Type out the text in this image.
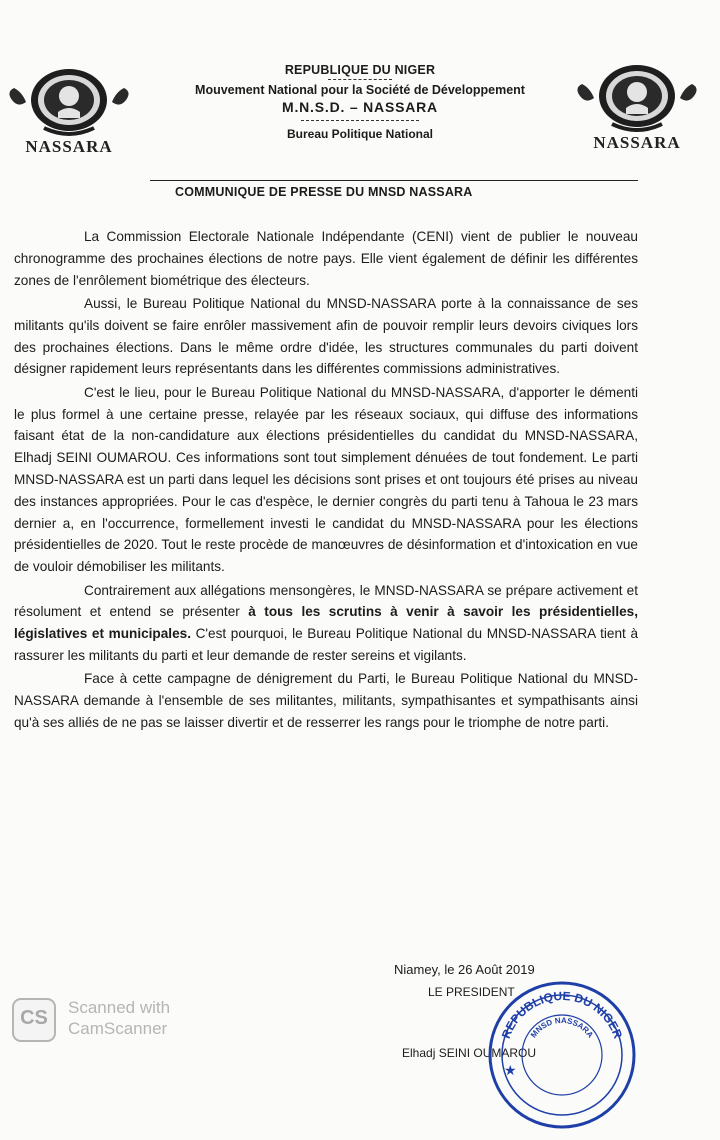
NASSARA	NASSARA
REPUBLIQUE DU NIGER
Mouvement National pour la Société de Développement
M.N.S.D. – NASSARA
Bureau Politique National
COMMUNIQUE DE PRESSE DU MNSD NASSARA

La Commission Electorale Nationale Indépendante (CENI) vient de publier le nouveau chronogramme des prochaines élections de notre pays. Elle vient également de définir les différentes zones de l'enrôlement biométrique des électeurs.

Aussi, le Bureau Politique National du MNSD-NASSARA porte à la connaissance de ses militants qu'ils doivent se faire enrôler massivement afin de pouvoir remplir leurs devoirs civiques lors des prochaines élections. Dans le même ordre d'idée, les structures communales du parti doivent désigner rapidement leurs représentants dans les différentes commissions administratives.

C'est le lieu, pour le Bureau Politique National du MNSD-NASSARA, d'apporter le démenti le plus formel à une certaine presse, relayée par les réseaux sociaux, qui diffuse des informations faisant état de la non-candidature aux élections présidentielles du candidat du MNSD-NASSARA, Elhadj SEINI OUMAROU. Ces informations sont tout simplement dénuées de tout fondement. Le parti MNSD-NASSARA est un parti dans lequel les décisions sont prises et ont toujours été prises au niveau des instances appropriées. Pour le cas d'espèce, le dernier congrès du parti tenu à Tahoua le 23 mars dernier a, en l'occurrence, formellement investi le candidat du MNSD-NASSARA pour les élections présidentielles de 2020. Tout le reste procède de manœuvres de désinformation et d'intoxication en vue de vouloir démobiliser les militants.

Contrairement aux allégations mensongères, le MNSD-NASSARA se prépare activement et résolument et entend se présenter à tous les scrutins à venir à savoir les présidentielles, législatives et municipales. C'est pourquoi, le Bureau Politique National du MNSD-NASSARA tient à rassurer les militants du parti et leur demande de rester sereins et vigilants.

Face à cette campagne de dénigrement du Parti, le Bureau Politique National du MNSD-NASSARA demande à l'ensemble de ses militantes, militants, sympathisantes et sympathisants ainsi qu'à ses alliés de ne pas se laisser divertir et de resserrer les rangs pour le triomphe de notre parti.

Niamey, le 26 Août 2019
LE PRESIDENT
Elhadj SEINI OUMAROU
REPUBLIQUE DU NIGER
MNSD NASSARA
★
CS	Scanned with
CamScanner
